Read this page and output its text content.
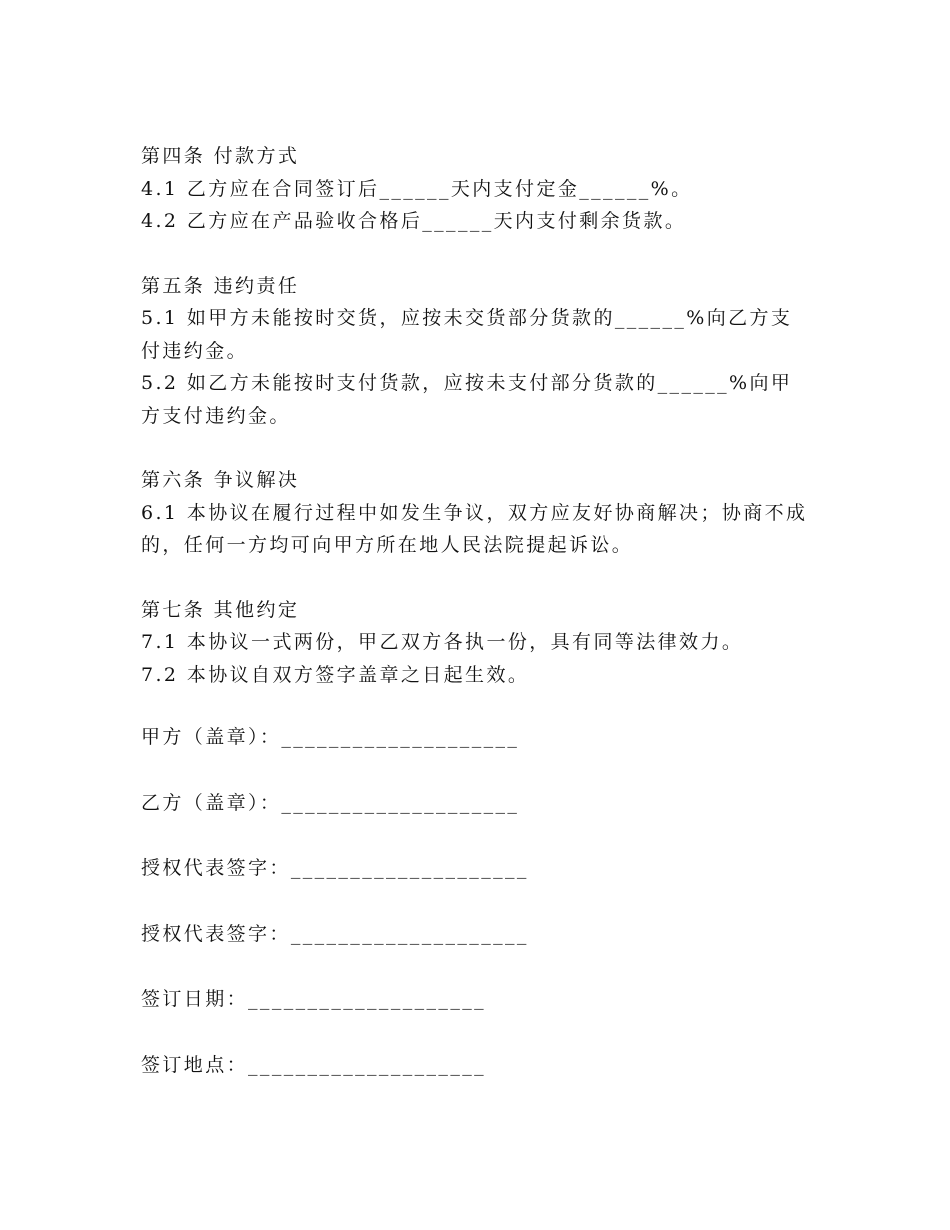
第四条 付款方式
4.1 乙方应在合同签订后______天内支付定金______%。
4.2 乙方应在产品验收合格后______天内支付剩余货款。
第五条 违约责任
5.1 如甲方未能按时交货，应按未交货部分货款的______%向乙方支付违约金。
5.2 如乙方未能按时支付货款，应按未支付部分货款的______%向甲方支付违约金。
第六条 争议解决
6.1 本协议在履行过程中如发生争议，双方应友好协商解决；协商不成的，任何一方均可向甲方所在地人民法院提起诉讼。
第七条 其他约定
7.1 本协议一式两份，甲乙双方各执一份，具有同等法律效力。
7.2 本协议自双方签字盖章之日起生效。
甲方（盖章）：____________________
乙方（盖章）：____________________
授权代表签字：____________________
授权代表签字：____________________
签订日期：____________________
签订地点：____________________
